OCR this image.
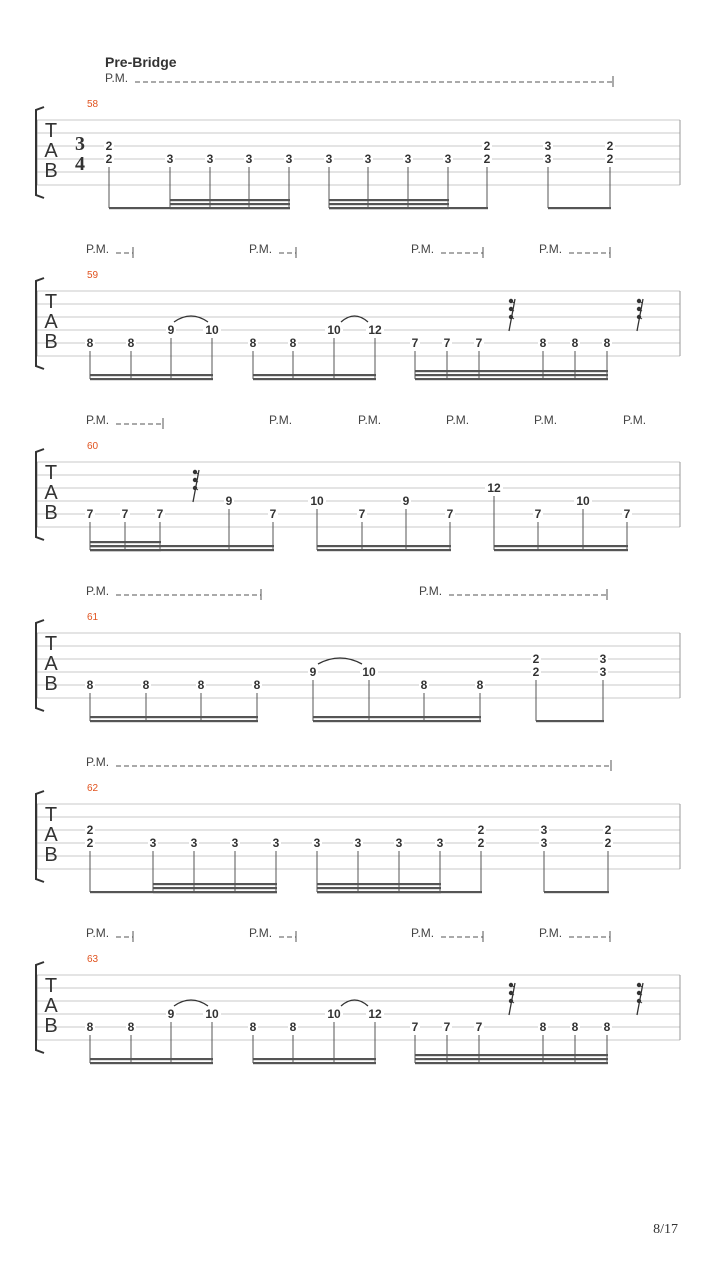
Pre-Bridge
T
A
B
3
4
58
P.M.
2
2	3	3	3	3	3	3	3	3
2
2
3
3
2
2
T
A
B
59
P.M.	P.M.	P.M.	P.M.
8	8
9	10
8	8
10 12
7 7 7	8 8 8
T
A
B
60
P.M.	P.M.	P.M.	P.M.	P.M.	P.M.
7 7 7
9
7
10
7
9
7
12
7
10
7
T
A
B
61
P.M.	P.M.
8	8	8	8
9	10
8	8
2
2
3
3
T
A
B
62
P.M.
2
2	3	3	3	3	3	3	3	3
2
2
3
3
2
2
T
A
B
63
P.M.	P.M.	P.M.	P.M.
8	8
9	10
8	8
10 12
7 7 7	8 8 8
8/17
